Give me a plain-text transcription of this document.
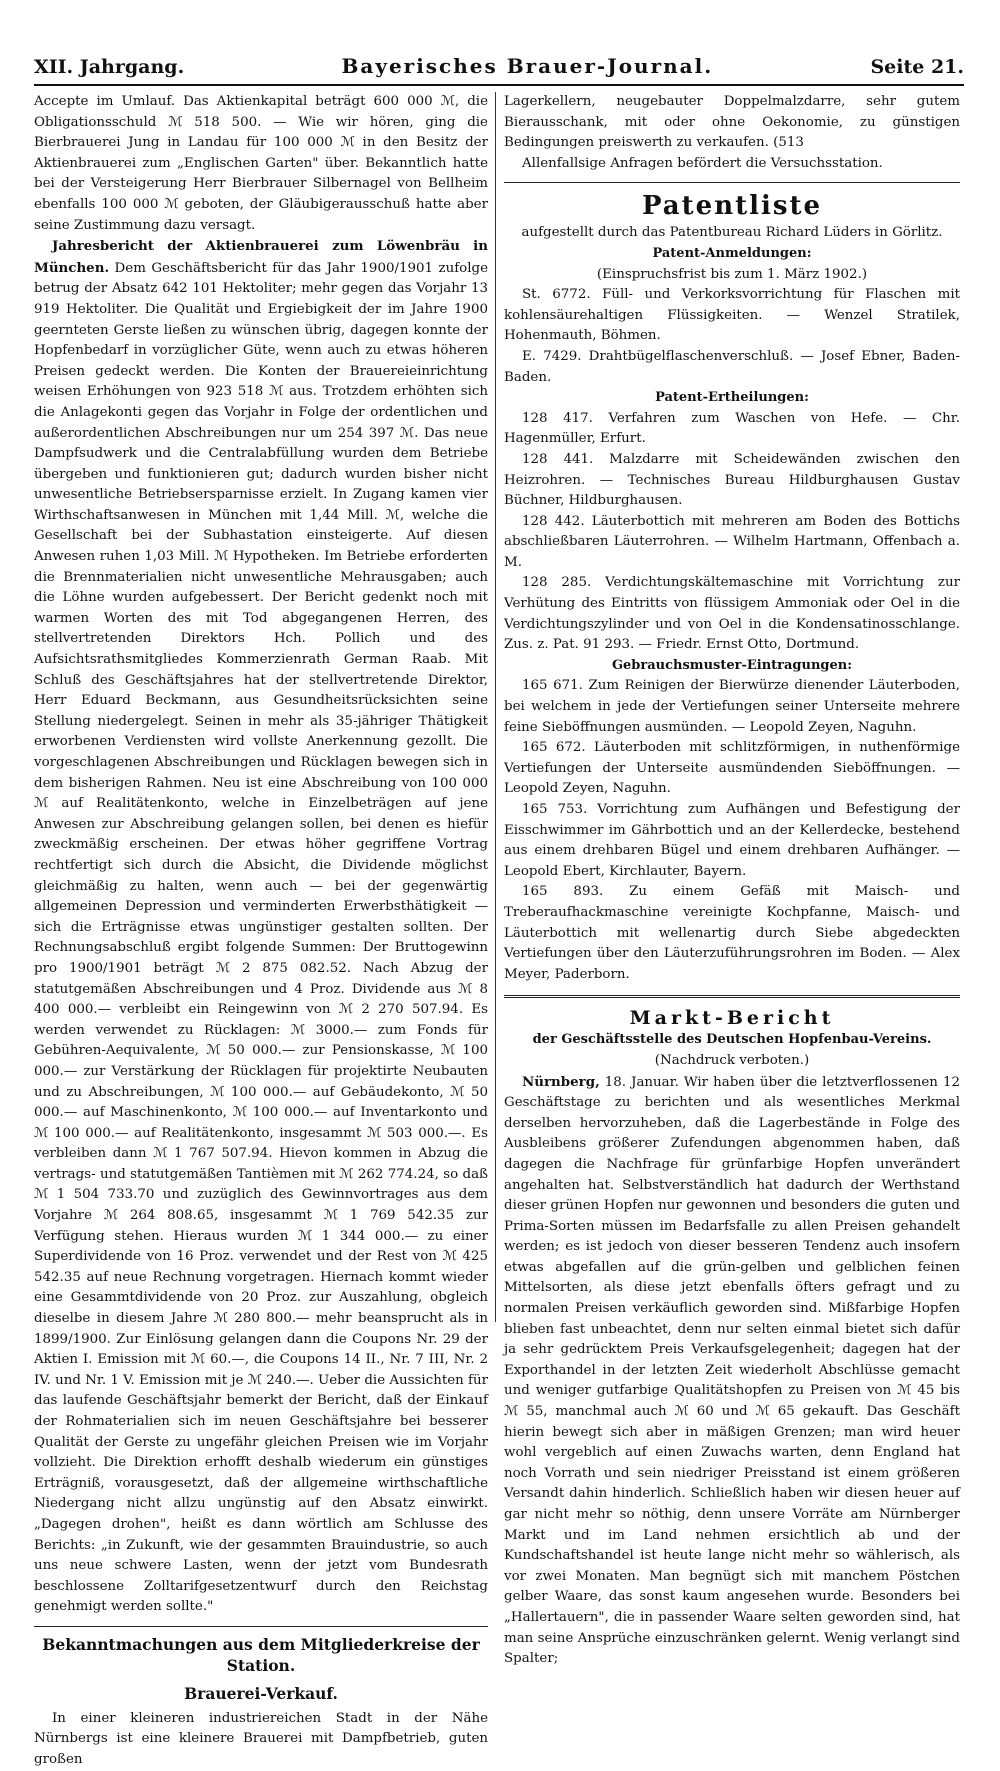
XII. Jahrgang.	Bayerisches Brauer-Journal.	Seite 21.

Accepte im Umlauf. Das Aktienkapital beträgt 600 000 ℳ, die Obligationsschuld ℳ 518 500. — Wie wir hören, ging die Bierbrauerei Jung in Landau für 100 000 ℳ in den Besitz der Aktienbrauerei zum „Englischen Garten" über. Bekanntlich hatte bei der Versteigerung Herr Bierbrauer Silbernagel von Bellheim ebenfalls 100 000 ℳ geboten, der Gläubigerausschuß hatte aber seine Zustimmung dazu versagt.

Jahresbericht der Aktienbrauerei zum Löwenbräu in München. Dem Geschäftsbericht für das Jahr 1900/1901 zufolge betrug der Absatz 642 101 Hektoliter; mehr gegen das Vorjahr 13 919 Hektoliter. Die Qualität und Ergiebigkeit der im Jahre 1900 geernteten Gerste ließen zu wünschen übrig, dagegen konnte der Hopfenbedarf in vorzüglicher Güte, wenn auch zu etwas höheren Preisen gedeckt werden. Die Konten der Brauereieinrichtung weisen Erhöhungen von 923 518 ℳ aus. Trotzdem erhöhten sich die Anlagekonti gegen das Vorjahr in Folge der ordentlichen und außerordentlichen Abschreibungen nur um 254 397 ℳ. Das neue Dampfsudwerk und die Centralabfüllung wurden dem Betriebe übergeben und funktionieren gut; dadurch wurden bisher nicht unwesentliche Betriebsersparnisse erzielt. In Zugang kamen vier Wirthschaftsanwesen in München mit 1,44 Mill. ℳ, welche die Gesellschaft bei der Subhastation einsteigerte. Auf diesen Anwesen ruhen 1,03 Mill. ℳ Hypotheken. Im Betriebe erforderten die Brennmaterialien nicht unwesentliche Mehrausgaben; auch die Löhne wurden aufgebessert. Der Bericht gedenkt noch mit warmen Worten des mit Tod abgegangenen Herren, des stellvertretenden Direktors Hch. Pollich und des Aufsichtsrathsmitgliedes Kommerzienrath German Raab. Mit Schluß des Geschäftsjahres hat der stellvertretende Direktor, Herr Eduard Beckmann, aus Gesundheitsrücksichten seine Stellung niedergelegt. Seinen in mehr als 35-jähriger Thätigkeit erworbenen Verdiensten wird vollste Anerkennung gezollt. Die vorgeschlagenen Abschreibungen und Rücklagen bewegen sich in dem bisherigen Rahmen. Neu ist eine Abschreibung von 100 000 ℳ auf Realitätenkonto, welche in Einzelbeträgen auf jene Anwesen zur Abschreibung gelangen sollen, bei denen es hiefür zweckmäßig erscheinen. Der etwas höher gegriffene Vortrag rechtfertigt sich durch die Absicht, die Dividende möglichst gleichmäßig zu halten, wenn auch — bei der gegenwärtig allgemeinen Depression und verminderten Erwerbsthätigkeit — sich die Erträgnisse etwas ungünstiger gestalten sollten. Der Rechnungsabschluß ergibt folgende Summen: Der Bruttogewinn pro 1900/1901 beträgt ℳ 2 875 082.52. Nach Abzug der statutgemäßen Abschreibungen und 4 Proz. Dividende aus ℳ 8 400 000.— verbleibt ein Reingewinn von ℳ 2 270 507.94. Es werden verwendet zu Rücklagen: ℳ 3000.— zum Fonds für Gebühren-Aequivalente, ℳ 50 000.— zur Pensionskasse, ℳ 100 000.— zur Verstärkung der Rücklagen für projektirte Neubauten und zu Abschreibungen, ℳ 100 000.— auf Gebäudekonto, ℳ 50 000.— auf Maschinenkonto, ℳ 100 000.— auf Inventarkonto und ℳ 100 000.— auf Realitätenkonto, insgesammt ℳ 503 000.—. Es verbleiben dann ℳ 1 767 507.94. Hievon kommen in Abzug die vertrags- und statutgemäßen Tantièmen mit ℳ 262 774.24, so daß ℳ 1 504 733.70 und zuzüglich des Gewinnvortrages aus dem Vorjahre ℳ 264 808.65, insgesammt ℳ 1 769 542.35 zur Verfügung stehen. Hieraus wurden ℳ 1 344 000.— zu einer Superdividende von 16 Proz. verwendet und der Rest von ℳ 425 542.35 auf neue Rechnung vorgetragen. Hiernach kommt wieder eine Gesammtdividende von 20 Proz. zur Auszahlung, obgleich dieselbe in diesem Jahre ℳ 280 800.— mehr beansprucht als in 1899/1900. Zur Einlösung gelangen dann die Coupons Nr. 29 der Aktien I. Emission mit ℳ 60.—, die Coupons 14 II., Nr. 7 III, Nr. 2 IV. und Nr. 1 V. Emission mit je ℳ 240.—. Ueber die Aussichten für das laufende Geschäftsjahr bemerkt der Bericht, daß der Einkauf der Rohmaterialien sich im neuen Geschäftsjahre bei besserer Qualität der Gerste zu ungefähr gleichen Preisen wie im Vorjahr vollzieht. Die Direktion erhofft deshalb wiederum ein günstiges Erträgniß, vorausgesetzt, daß der allgemeine wirthschaftliche Niedergang nicht allzu ungünstig auf den Absatz einwirkt. „Dagegen drohen", heißt es dann wörtlich am Schlusse des Berichts: „in Zukunft, wie der gesammten Brauindustrie, so auch uns neue schwere Lasten, wenn der jetzt vom Bundesrath beschlossene Zolltarifgesetzentwurf durch den Reichstag genehmigt werden sollte."

Bekanntmachungen aus dem Mitgliederkreise der Station.
Brauerei-Verkauf.

In einer kleineren industriereichen Stadt in der Nähe Nürnbergs ist eine kleinere Brauerei mit Dampfbetrieb, guten großen

Lagerkellern, neugebauter Doppelmalzdarre, sehr gutem Bierausschank, mit oder ohne Oekonomie, zu günstigen Bedingungen preiswerth zu verkaufen. (513

Allenfallsige Anfragen befördert die Versuchsstation.

Patentliste
aufgestellt durch das Patentbureau Richard Lüders in Görlitz.
Patent-Anmeldungen:
(Einspruchsfrist bis zum 1. März 1902.)

St. 6772. Füll- und Verkorksvorrichtung für Flaschen mit kohlensäurehaltigen Flüssigkeiten. — Wenzel Stratilek, Hohenmauth, Böhmen.

E. 7429. Drahtbügelflaschenverschluß. — Josef Ebner, Baden-Baden.

Patent-Ertheilungen:

128 417. Verfahren zum Waschen von Hefe. — Chr. Hagenmüller, Erfurt.

128 441. Malzdarre mit Scheidewänden zwischen den Heizrohren. — Technisches Bureau Hildburghausen Gustav Büchner, Hildburghausen.

128 442. Läuterbottich mit mehreren am Boden des Bottichs abschließbaren Läuterrohren. — Wilhelm Hartmann, Offenbach a. M.

128 285. Verdichtungskältemaschine mit Vorrichtung zur Verhütung des Eintritts von flüssigem Ammoniak oder Oel in die Verdichtungszylinder und von Oel in die Kondensatinosschlange. Zus. z. Pat. 91 293. — Friedr. Ernst Otto, Dortmund.

Gebrauchsmuster-Eintragungen:

165 671. Zum Reinigen der Bierwürze dienender Läuterboden, bei welchem in jede der Vertiefungen seiner Unterseite mehrere feine Sieböffnungen ausmünden. — Leopold Zeyen, Naguhn.

165 672. Läuterboden mit schlitzförmigen, in nuthenförmige Vertiefungen der Unterseite ausmündenden Sieböffnungen. — Leopold Zeyen, Naguhn.

165 753. Vorrichtung zum Aufhängen und Befestigung der Eisschwimmer im Gährbottich und an der Kellerdecke, bestehend aus einem drehbaren Bügel und einem drehbaren Aufhänger. — Leopold Ebert, Kirchlauter, Bayern.

165 893. Zu einem Gefäß mit Maisch- und Treberaufhackmaschine vereinigte Kochpfanne, Maisch- und Läuterbottich mit wellenartig durch Siebe abgedeckten Vertiefungen über den Läuterzuführungsrohren im Boden. — Alex Meyer, Paderborn.

Markt-Bericht
der Geschäftsstelle des Deutschen Hopfenbau-Vereins.
(Nachdruck verboten.)

Nürnberg, 18. Januar. Wir haben über die letztverflossenen 12 Geschäftstage zu berichten und als wesentliches Merkmal derselben hervorzuheben, daß die Lagerbestände in Folge des Ausbleibens größerer Zufendungen abgenommen haben, daß dagegen die Nachfrage für grünfarbige Hopfen unverändert angehalten hat. Selbstverständlich hat dadurch der Werthstand dieser grünen Hopfen nur gewonnen und besonders die guten und Prima-Sorten müssen im Bedarfsfalle zu allen Preisen gehandelt werden; es ist jedoch von dieser besseren Tendenz auch insofern etwas abgefallen auf die grün-gelben und gelblichen feinen Mittelsorten, als diese jetzt ebenfalls öfters gefragt und zu normalen Preisen verkäuflich geworden sind. Mißfarbige Hopfen blieben fast unbeachtet, denn nur selten einmal bietet sich dafür ja sehr gedrücktem Preis Verkaufsgelegenheit; dagegen hat der Exporthandel in der letzten Zeit wiederholt Abschlüsse gemacht und weniger gutfarbige Qualitätshopfen zu Preisen von ℳ 45 bis ℳ 55, manchmal auch ℳ 60 und ℳ 65 gekauft. Das Geschäft hierin bewegt sich aber in mäßigen Grenzen; man wird heuer wohl vergeblich auf einen Zuwachs warten, denn England hat noch Vorrath und sein niedriger Preisstand ist einem größeren Versandt dahin hinderlich. Schließlich haben wir diesen heuer auf gar nicht mehr so nöthig, denn unsere Vorräte am Nürnberger Markt und im Land nehmen ersichtlich ab und der Kundschaftshandel ist heute lange nicht mehr so wählerisch, als vor zwei Monaten. Man begnügt sich mit manchem Pöstchen gelber Waare, das sonst kaum angesehen wurde. Besonders bei „Hallertauern", die in passender Waare selten geworden sind, hat man seine Ansprüche einzuschränken gelernt. Wenig verlangt sind Spalter;
